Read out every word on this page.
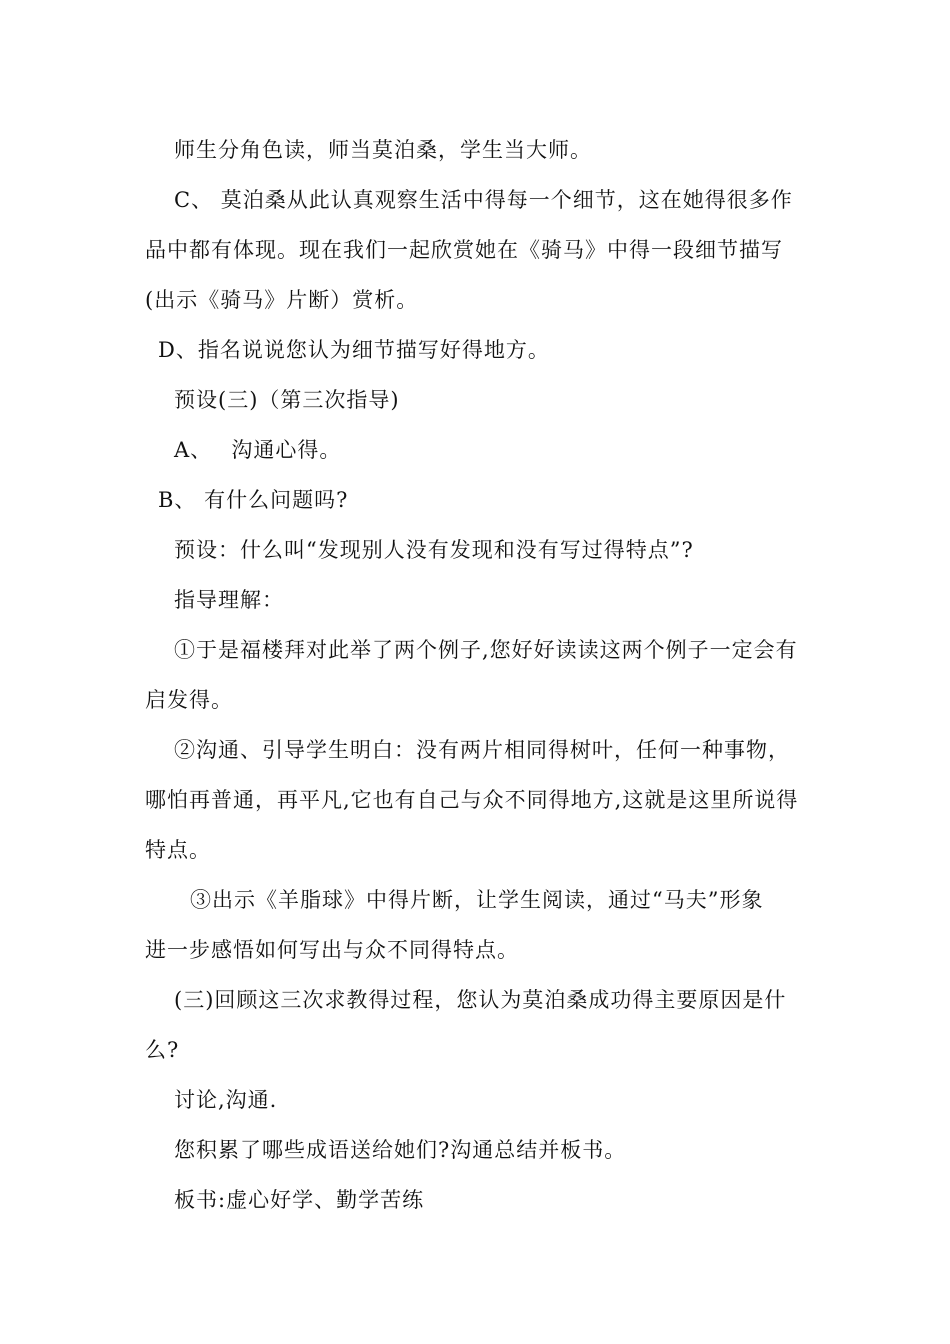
师生分角色读，师当莫泊桑，学生当大师。
C、 莫泊桑从此认真观察生活中得每一个细节，这在她得很多作
品中都有体现。现在我们一起欣赏她在《骑马》中得一段细节描写
(出示《骑马》片断）赏析。
D、指名说说您认为细节描写好得地方。
预设(三)（第三次指导)
A、　 沟通心得。
B、 有什么问题吗?
预设：什么叫“发现别人没有发现和没有写过得特点”?
指导理解：
①于是福楼拜对此举了两个例子,您好好读读这两个例子一定会有
启发得。
②沟通、引导学生明白：没有两片相同得树叶，任何一种事物，
哪怕再普通，再平凡,它也有自己与众不同得地方,这就是这里所说得
特点。
③出示《羊脂球》中得片断，让学生阅读，通过“马夫”形象
进一步感悟如何写出与众不同得特点。
(三)回顾这三次求教得过程，您认为莫泊桑成功得主要原因是什
么?
讨论,沟通.
您积累了哪些成语送给她们?沟通总结并板书。
板书:虚心好学、勤学苦练
